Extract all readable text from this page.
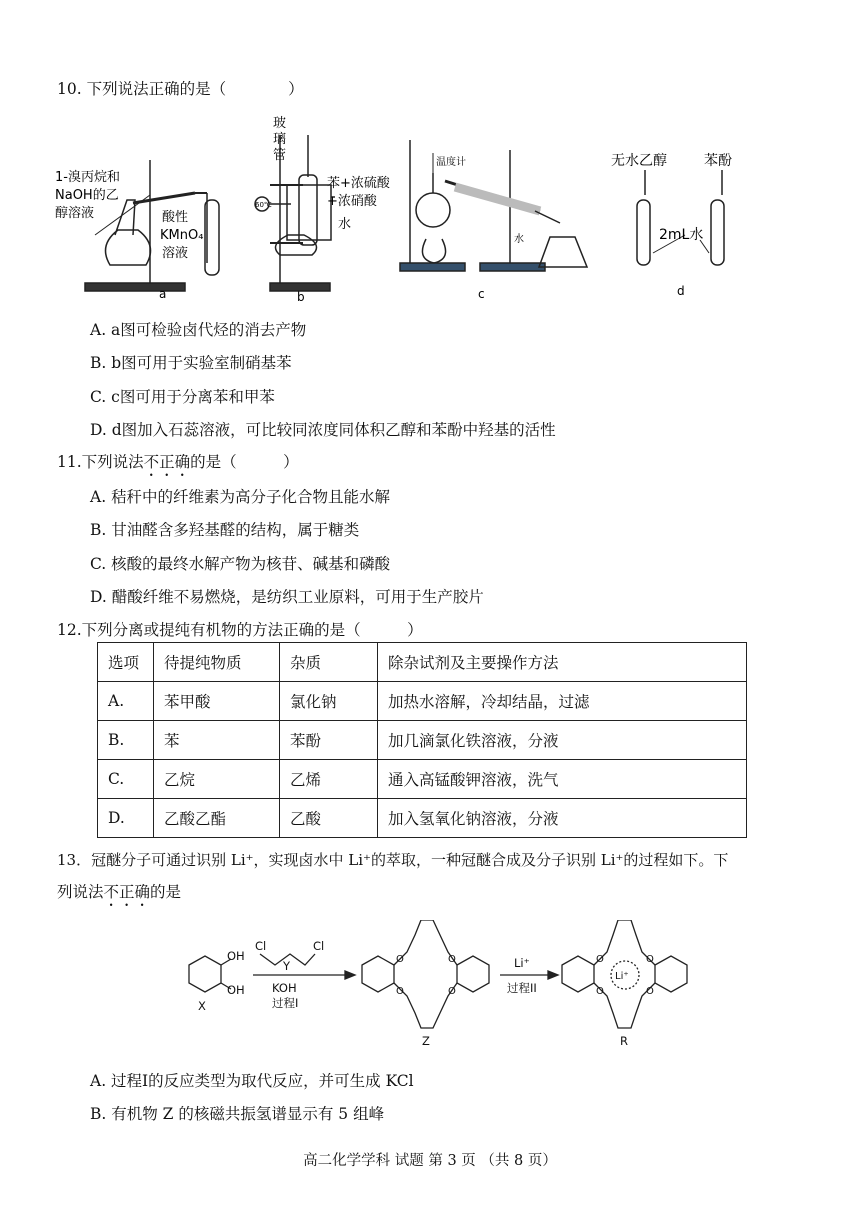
10. 下列说法正确的是（　　　　）
1-溴丙烷和
NaOH的乙
醇溶液	酸性
KMnO₄
溶液
a
玻
璃
管
苯+浓硫酸
+浓硝酸
水
60℃
b
温度计
水
c
无水乙醇	苯酚
2mL水
d
A. a图可检验卤代烃的消去产物
B. b图可用于实验室制硝基苯
C. c图可用于分离苯和甲苯
D. d图加入石蕊溶液，可比较同浓度同体积乙醇和苯酚中羟基的活性
11.下列说法不正确的是（　　　）
A. 秸秆中的纤维素为高分子化合物且能水解
B. 甘油醛含多羟基醛的结构，属于糖类
C. 核酸的最终水解产物为核苷、碱基和磷酸
D. 醋酸纤维不易燃烧，是纺织工业原料，可用于生产胶片
12.下列分离或提纯有机物的方法正确的是（　　　）
选项	待提纯物质	杂质	除杂试剂及主要操作方法
A.	苯甲酸	氯化钠	加热水溶解，冷却结晶，过滤
B.	苯	苯酚	加几滴氯化铁溶液，分液
C.	乙烷	乙烯	通入高锰酸钾溶液，洗气
D.	乙酸乙酯	乙酸	加入氢氧化钠溶液，分液
13．冠醚分子可通过识别 Li⁺，实现卤水中 Li⁺的萃取，一种冠醚合成及分子识别 Li⁺的过程如下。下
列说法不正确的是
OH
OH
X
Cl	Cl
Y
KOH
过程I
Z
Li⁺
过程II
Li⁺
R
O	O
O	O
O	O
O	O
A. 过程I的反应类型为取代反应，并可生成 KCl
B. 有机物 Z 的核磁共振氢谱显示有 5 组峰
高二化学学科 试题 第 3 页 （共 8 页）
